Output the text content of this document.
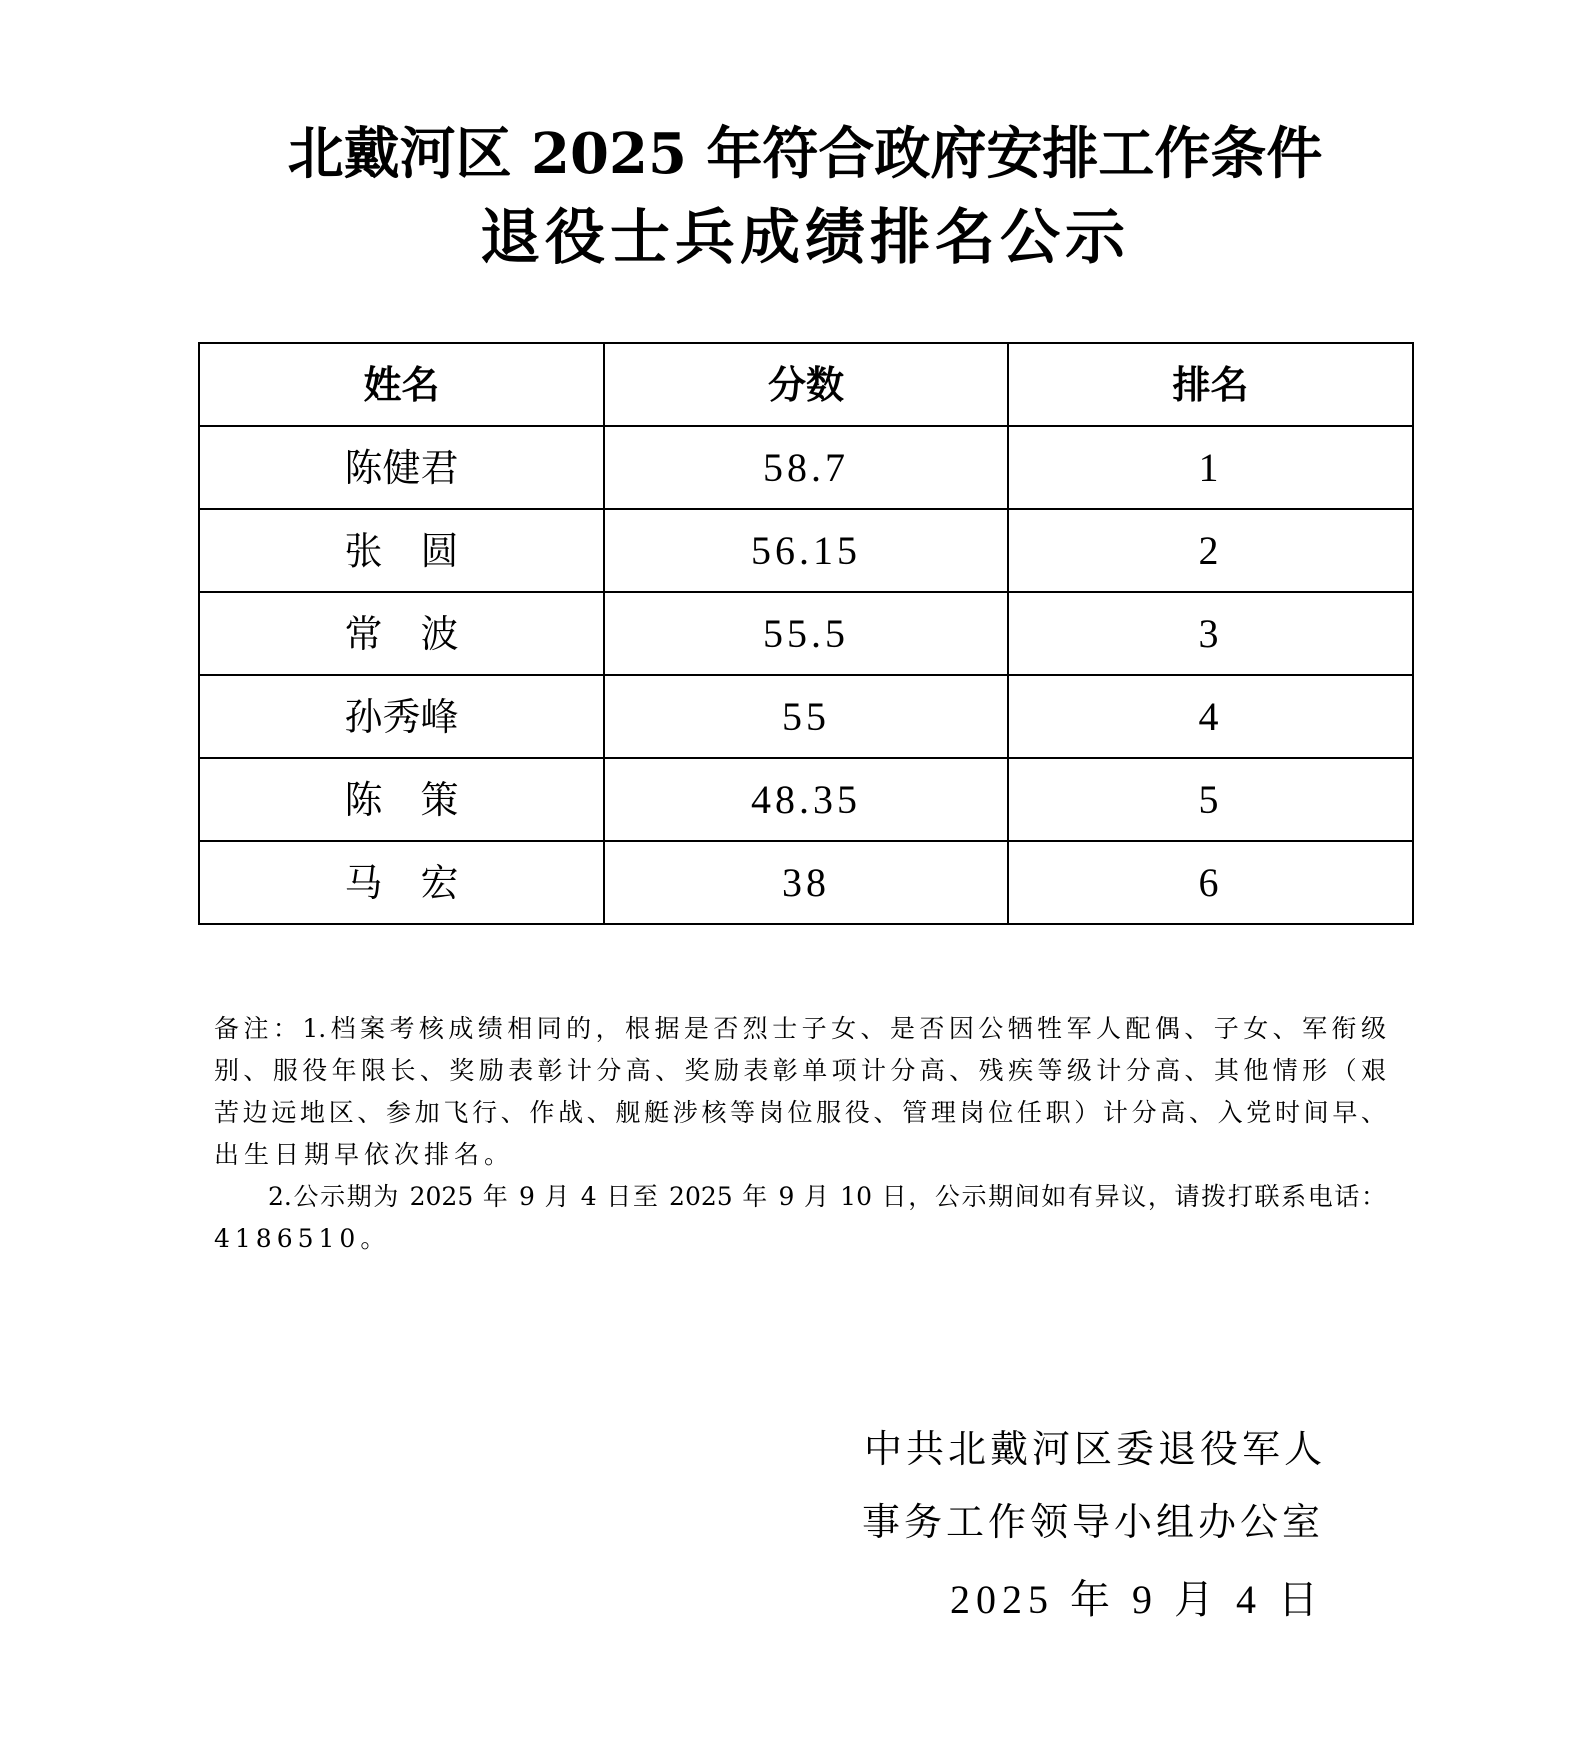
北戴河区 2025 年符合政府安排工作条件
退役士兵成绩排名公示
姓名	分数	排名
陈健君	58.7	1
张　圆	56.15	2
常　波	55.5	3
孙秀峰	55	4
陈　策	48.35	5
马　宏	38	6
备注：1.档案考核成绩相同的，根据是否烈士子女、是否因公牺牲军人配偶、子女、军衔级
别、服役年限长、奖励表彰计分高、奖励表彰单项计分高、残疾等级计分高、其他情形（艰
苦边远地区、参加飞行、作战、舰艇涉核等岗位服役、管理岗位任职）计分高、入党时间早、
出生日期早依次排名。
2.公示期为 2025 年 9 月 4 日至 2025 年 9 月 10 日，公示期间如有异议，请拨打联系电话：
4186510。
中共北戴河区委退役军人
事务工作领导小组办公室
2025 年 9 月 4 日
